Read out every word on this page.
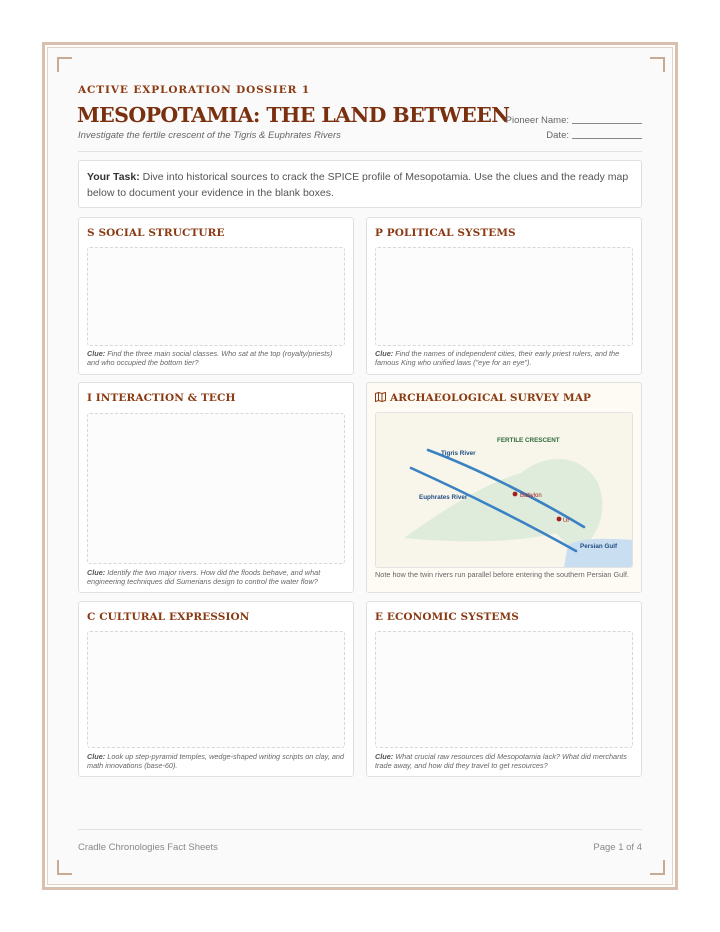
ACTIVE EXPLORATION DOSSIER 1
MESOPOTAMIA: THE LAND BETWEEN
Investigate the fertile crescent of the Tigris & Euphrates Rivers
Pioneer Name:
Date:
Your Task: Dive into historical sources to crack the SPICE profile of Mesopotamia. Use the clues and the ready map below to document your evidence in the blank boxes.
S SOCIAL STRUCTURE
Clue: Find the three main social classes. Who sat at the top (royalty/priests) and who occupied the bottom tier?
P POLITICAL SYSTEMS
Clue: Find the names of independent cities, their early priest rulers, and the famous King who unified laws ("eye for an eye").
I INTERACTION & TECH
Clue: Identify the two major rivers. How did the floods behave, and what engineering techniques did Sumerians design to control the water flow?
ARCHAEOLOGICAL SURVEY MAP
FERTILE CRESCENT
Tigris River
Euphrates River	Babylon
Ur
Persian Gulf
Note how the twin rivers run parallel before entering the southern Persian Gulf.
C CULTURAL EXPRESSION
Clue: Look up step-pyramid temples, wedge-shaped writing scripts on clay, and math innovations (base-60).
E ECONOMIC SYSTEMS
Clue: What crucial raw resources did Mesopotamia lack? What did merchants trade away, and how did they travel to get resources?
Cradle Chronologies Fact Sheets	Page 1 of 4
